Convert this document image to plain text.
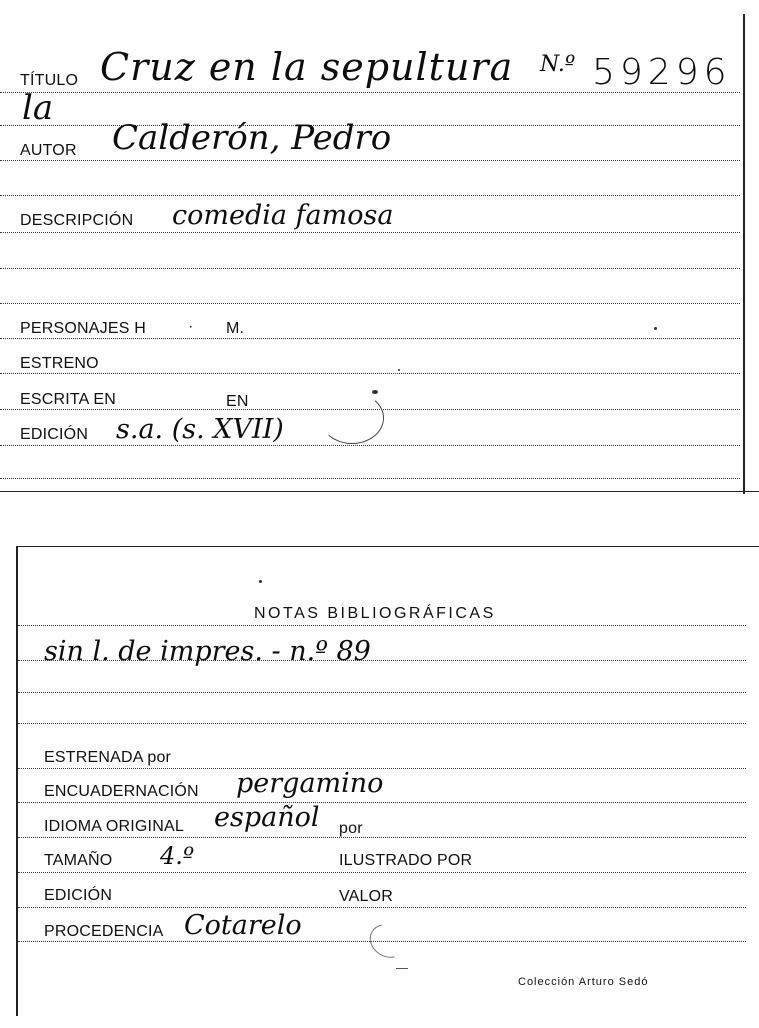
TÍTULO Cruz en la sepultura N.º 59296
la
AUTOR Calderón, Pedro
DESCRIPCIÓN comedia famosa
PERSONAJES H	· M.
ESTRENO
ESCRITA EN	EN
EDICIÓN s.a. (s. XVII)
NOTAS BIBLIOGRÁFICAS
sin l. de impres. - n.º 89
ESTRENADA por
ENCUADERNACIÓN pergamino
IDIOMA ORIGINAL español por
TAMAÑO 4.º	ILUSTRADO POR
EDICIÓN	VALOR
PROCEDENCIA Cotarelo
Colección Arturo Sedó
